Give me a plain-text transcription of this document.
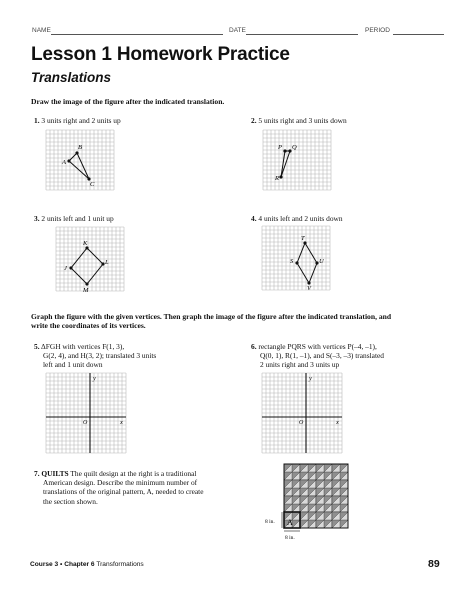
NAME	DATE	PERIOD
Lesson 1 Homework Practice
Translations
Draw the image of the figure after the indicated translation.
1. 3 units right and 2 units up
B
A
C
2. 5 units right and 3 units down
P Q
R
3. 2 units left and 1 unit up
K
J
L
M
4. 4 units left and 2 units down
T
S	U
V
Graph the figure with the given vertices. Then graph the image of the figure after the indicated translation, and
write the coordinates of its vertices.
5. ΔFGH with vertices F(1, 3),
G(2, 4), and H(3, 2); translated 3 units
left and 1 unit down
x
y
O
6. rectangle PQRS with vertices P(–4, –1),
Q(0, 1), R(1, –1), and S(–3, –3) translated
2 units right and 3 units up
x
y
O
7. QUILTS The quilt design at the right is a traditional
American design. Describe the minimum number of
translations of the original pattern, A, needed to create
the section shown.
A
8 in.
8 in.
Course 3 • Chapter 6 Transformations	89
